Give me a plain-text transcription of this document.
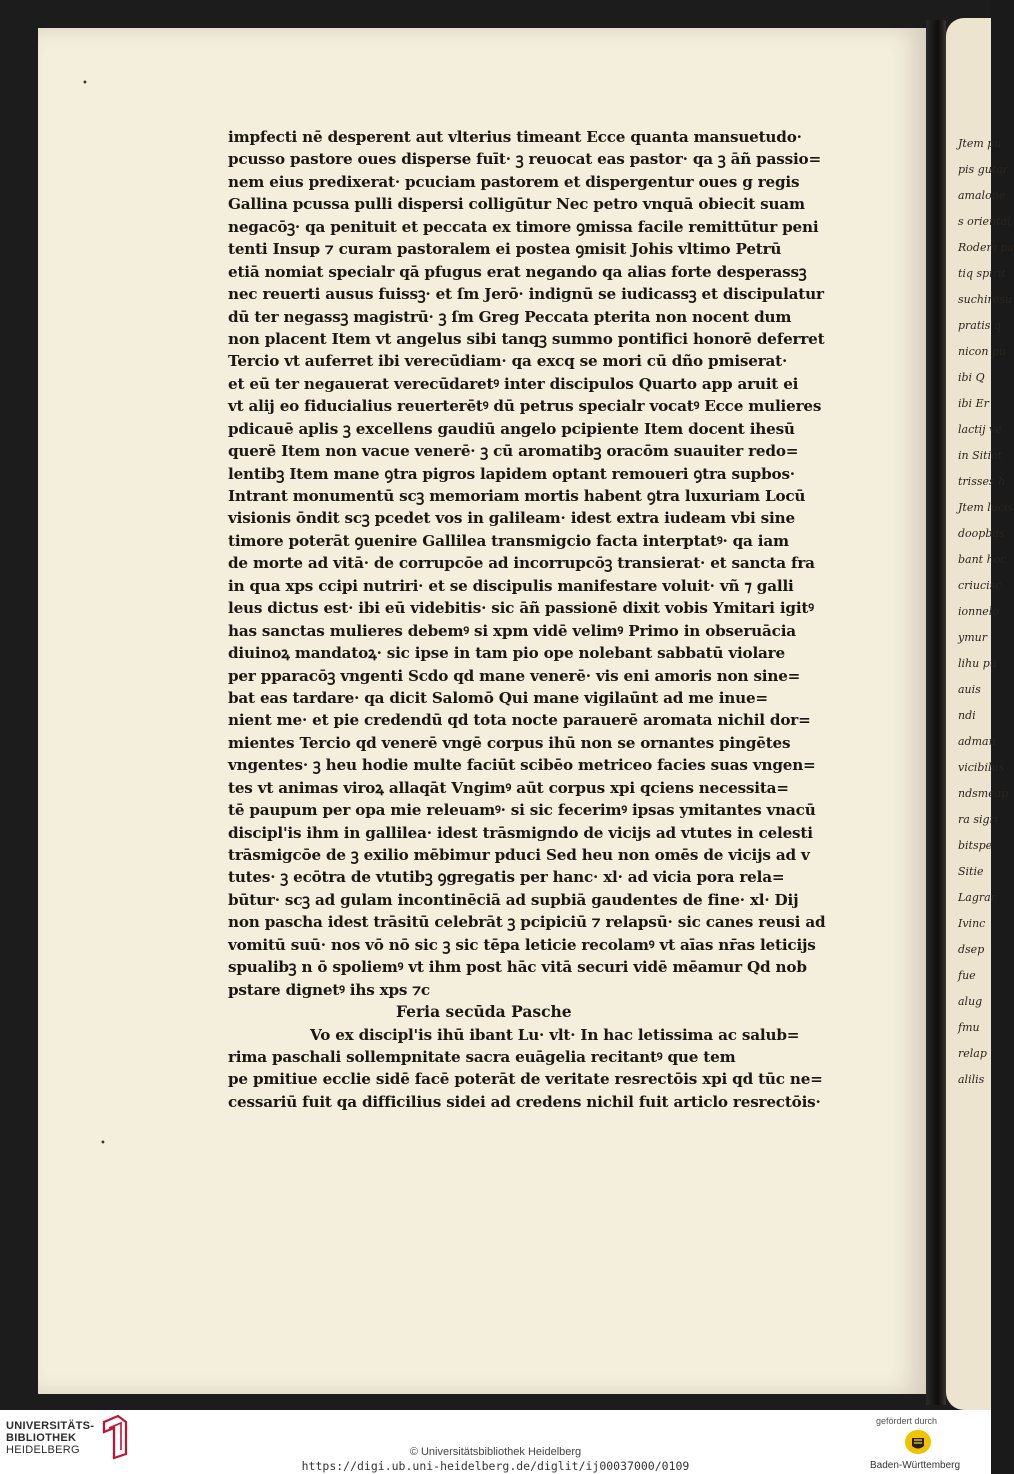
•
•
Jtem pu
pis gutar
amalone
s oriental
Rodem pa
tiq spirit
suchiresu
pratis q
nicon pu
ibi Q
ibi Er
lactij ve
in Sitiat
trisses h
Jtem lucis
doopbas
bant hoc
criucisc
ionnelo
ymur
lihu pu
auis
ndi
adman
vicibilus
ndsmeap
ra sigri
bitspe
Sitie
Lagrar
Ivinc
dsep
fue
alug
fmu
relap
alilis
impfecti nē desperent aut vlterius timeant Ecce quanta mansuetudo·
pcusso pastore oues disperse fuīt· ꝫ reuocat eas pastor· qa ꝫ āñ passio=
nem eius predixerat· pcuciam pastorem et dispergentur oues g regis
Gallina pcussa pulli dispersi colligūtur Nec petro vnquā obiecit suam
negacōꝫ· qa penituit et peccata ex timore ꝯmissa facile remittūtur peni
tenti Insup ⁊ curam pastoralem ei postea ꝯmisit Johis vltimo Petrū
etiā nomiat specialr qā pfugus erat negando qa alias forte desperassꝫ
nec reuerti ausus fuissꝫ· et ſm Jerō· indignū se iudicassꝫ et discipulatur
dū ter negassꝫ magistrū· ꝫ ſm Greg Peccata pterita non nocent dum
non placent Item vt angelus sibi tanqꝫ summo pontifici honorē deferret
Tercio vt auferret ibi verecūdiam· qa excq se mori cū dño pmiserat·
et eū ter negauerat verecūdaretꝰ inter discipulos Quarto app aruit ei
vt alij eo fiducialius reuerterētꝰ dū petrus specialr vocatꝰ Ecce mulieres
pdicauē aplis ꝫ excellens gaudiū angelo pcipiente Item docent ihesū
querē Item non vacue venerē· ꝫ cū aromatibꝫ oracōm suauiter redo=
lentibꝫ Item mane ꝯtra pigros lapidem optant remoueri ꝯtra supbos·
Intrant monumentū scꝫ memoriam mortis habent ꝯtra luxuriam Locū
visionis ōndit scꝫ pcedet vos in galileam· idest extra iudeam vbi sine
timore poterāt ꝯuenire Gallilea transmigcio facta interptatꝰ· qa iam
de morte ad vitā· de corrupcōe ad incorrupcōꝫ transierat· et sancta fra
in qua xps ccipi nutriri· et se discipulis manifestare voluit· vñ ⁊ galli
leus dictus est· ibi eū videbitis· sic āñ passionē dixit vobis Ymitari igitꝰ
has sanctas mulieres debemꝰ si xpm vidē velimꝰ Primo in obseruācia
diuinoꝝ mandatoꝝ· sic ipse in tam pio ope nolebant sabbatū violare
per pparacōꝫ vngenti Scdo qd mane venerē· vis eni amoris non sine=
bat eas tardare· qa dicit Salomō Qui mane vigilaūnt ad me inue=
nient me· et pie credendū qd tota nocte parauerē aromata nichil dor=
mientes Tercio qd venerē vngē corpus ihū non se ornantes pingētes
vngentes· ꝫ heu hodie multe faciūt scibēo metriceo facies suas vngen=
tes vt animas viroꝝ allaqāt Vngimꝰ aūt corpus xpi qciens necessita=
tē paupum per opa mie releuamꝰ· si sic fecerimꝰ ipsas ymitantes vnacū
discipl'is ihm in gallilea· idest trāsmigndo de vicijs ad vtutes in celesti
trāsmigcōe de ꝫ exilio mēbimur pduci Sed heu non omēs de vicijs ad v
tutes· ꝫ ecōtra de vtutibꝫ ꝯgregatis per hanc· xl· ad vicia pora rela=
būtur· scꝫ ad gulam incontinēciā ad supbiā gaudentes de fine· xl· Dij
non pascha idest trāsitū celebrāt ꝫ pcipiciū ⁊ relapsū· sic canes reusi ad
vomitū suū· nos vō nō sic ꝫ sic tēpa leticie recolamꝰ vt aīas nr̄as leticijs
spualibꝫ n ō spoliemꝰ vt ihm post hāc vitā securi vidē mēamur Qd nob
pstare dignetꝰ ihs xps ⁊c
Feria secūda Pasche
Vo ex discipl'is ihū ibant Lu· vlt· In hac letissima ac salub=
rima paschali sollempnitate sacra euāgelia recitantꝰ que tem
pe pmitiue ecclie sidē facē poterāt de veritate resrectōis xpi qd tūc ne=
cessariū fuit qa difficilius sidei ad credens nichil fuit articlo resrectōis·
UNIVERSITÄTS-
BIBLIOTHEK
HEIDELBERG	© Universitätsbibliothek Heidelberg
https://digi.ub.uni-heidelberg.de/diglit/ij00037000/0109
gefördert durch
Baden-Württemberg
